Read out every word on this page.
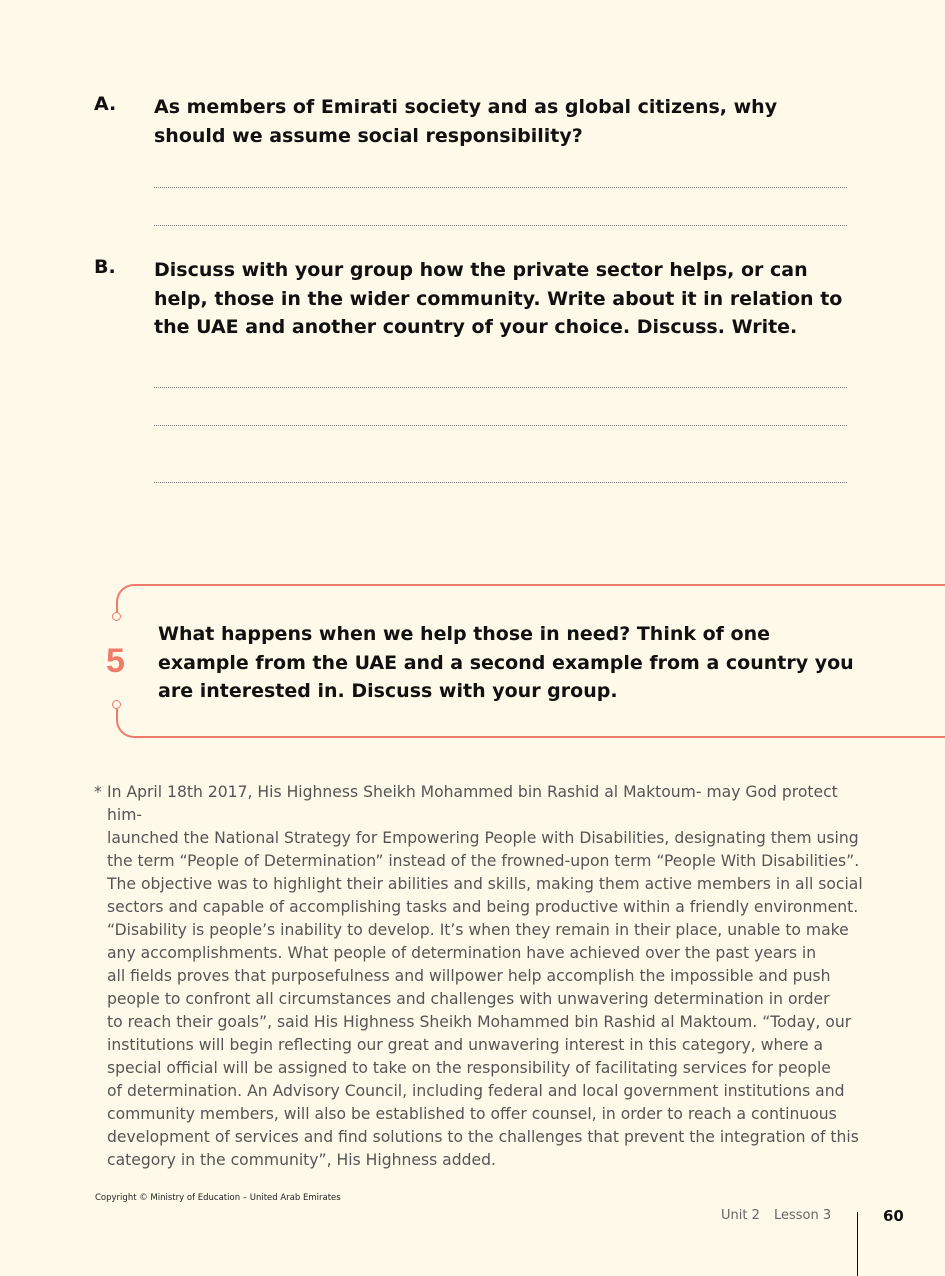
A. As members of Emirati society and as global citizens, why should we assume social responsibility?
B. Discuss with your group how the private sector helps, or can help, those in the wider community. Write about it in relation to the UAE and another country of your choice. Discuss. Write.
5
What happens when we help those in need? Think of one example from the UAE and a second example from a country you are interested in. Discuss with your group.
* In April 18th 2017, His Highness Sheikh Mohammed bin Rashid al Maktoum- may God protect him-
launched the National Strategy for Empowering People with Disabilities, designating them using
the term “People of Determination” instead of the frowned-upon term “People With Disabilities”.
The objective was to highlight their abilities and skills, making them active members in all social
sectors and capable of accomplishing tasks and being productive within a friendly environment.
“Disability is people’s inability to develop. It’s when they remain in their place, unable to make
any accomplishments. What people of determination have achieved over the past years in
all fields proves that purposefulness and willpower help accomplish the impossible and push
people to confront all circumstances and challenges with unwavering determination in order
to reach their goals”, said His Highness Sheikh Mohammed bin Rashid al Maktoum. “Today, our
institutions will begin reflecting our great and unwavering interest in this category, where a
special official will be assigned to take on the responsibility of facilitating services for people
of determination. An Advisory Council, including federal and local government institutions and
community members, will also be established to offer counsel, in order to reach a continuous
development of services and find solutions to the challenges that prevent the integration of this
category in the community”, His Highness added.
Copyright © Ministry of Education – United Arab Emirates
Unit 2 Lesson 3	60
